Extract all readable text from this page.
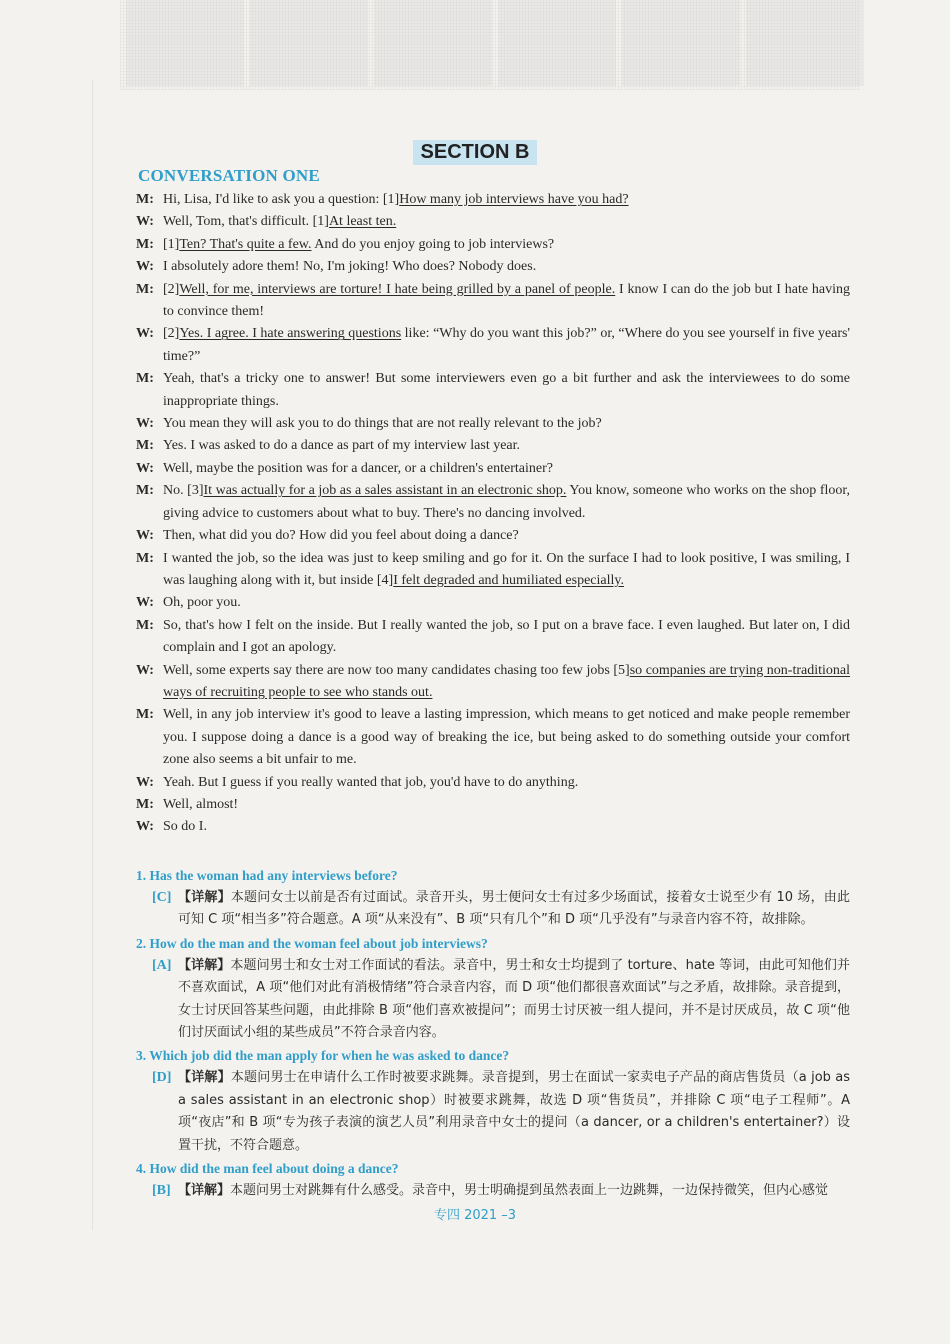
SECTION B
CONVERSATION ONE
M: Hi, Lisa, I'd like to ask you a question: [1]How many job interviews have you had?
W: Well, Tom, that's difficult. [1]At least ten.
M: [1]Ten? That's quite a few. And do you enjoy going to job interviews?
W: I absolutely adore them! No, I'm joking! Who does? Nobody does.
M: [2]Well, for me, interviews are torture! I hate being grilled by a panel of people. I know I can do the job but I hate having to convince them!
W: [2]Yes. I agree. I hate answering questions like: “Why do you want this job?” or, “Where do you see yourself in five years' time?”
M: Yeah, that's a tricky one to answer! But some interviewers even go a bit further and ask the interviewees to do some inappropriate things.
W: You mean they will ask you to do things that are not really relevant to the job?
M: Yes. I was asked to do a dance as part of my interview last year.
W: Well, maybe the position was for a dancer, or a children's entertainer?
M: No. [3]It was actually for a job as a sales assistant in an electronic shop. You know, someone who works on the shop floor, giving advice to customers about what to buy. There's no dancing involved.
W: Then, what did you do? How did you feel about doing a dance?
M: I wanted the job, so the idea was just to keep smiling and go for it. On the surface I had to look positive, I was smiling, I was laughing along with it, but inside [4]I felt degraded and humiliated especially.
W: Oh, poor you.
M: So, that's how I felt on the inside. But I really wanted the job, so I put on a brave face. I even laughed. But later on, I did complain and I got an apology.
W: Well, some experts say there are now too many candidates chasing too few jobs [5]so companies are trying non-traditional ways of recruiting people to see who stands out.
M: Well, in any job interview it's good to leave a lasting impression, which means to get noticed and make people remember you. I suppose doing a dance is a good way of breaking the ice, but being asked to do something outside your comfort zone also seems a bit unfair to me.
W: Yeah. But I guess if you really wanted that job, you'd have to do anything.
M: Well, almost!
W: So do I.
1. Has the woman had any interviews before?
[C] 【详解】本题问女士以前是否有过面试。录音开头，男士便问女士有过多少场面试，接着女士说至少有 10 场，由此可知 C 项“相当多”符合题意。A 项“从来没有”、B 项“只有几个”和 D 项“几乎没有”与录音内容不符，故排除。
2. How do the man and the woman feel about job interviews?
[A] 【详解】本题问男士和女士对工作面试的看法。录音中，男士和女士均提到了 torture、hate 等词，由此可知他们并不喜欢面试，A 项“他们对此有消极情绪”符合录音内容，而 D 项“他们都很喜欢面试”与之矛盾，故排除。录音提到，女士讨厌回答某些问题，由此排除 B 项“他们喜欢被提问”；而男士讨厌被一组人提问，并不是讨厌成员，故 C 项“他们讨厌面试小组的某些成员”不符合录音内容。
3. Which job did the man apply for when he was asked to dance?
[D] 【详解】本题问男士在申请什么工作时被要求跳舞。录音提到，男士在面试一家卖电子产品的商店售货员（a job as a sales assistant in an electronic shop）时被要求跳舞，故选 D 项“售货员”，并排除 C 项“电子工程师”。A 项“夜店”和 B 项“专为孩子表演的演艺人员”利用录音中女士的提问（a dancer, or a children's entertainer?）设置干扰，不符合题意。
4. How did the man feel about doing a dance?
[B] 【详解】本题问男士对跳舞有什么感受。录音中，男士明确提到虽然表面上一边跳舞，一边保持微笑，但内心感觉
专四 2021 –3
